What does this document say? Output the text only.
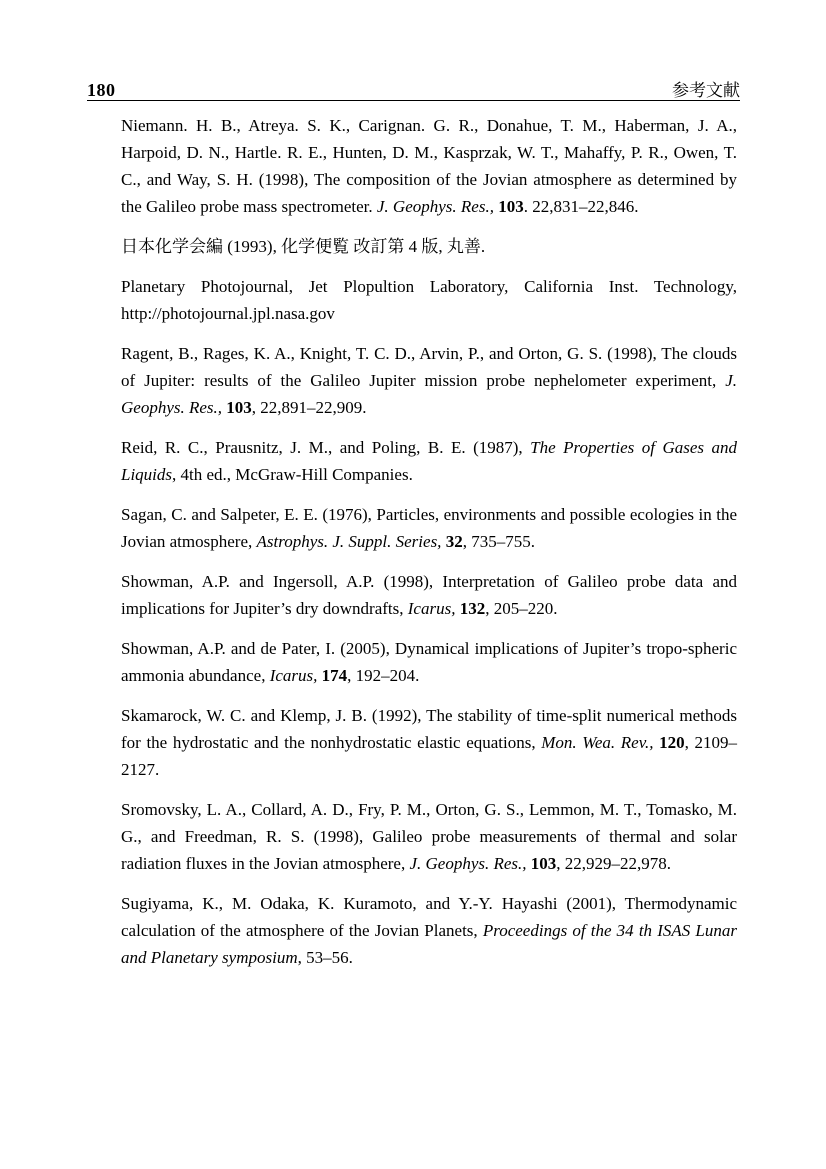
180	参考文献

Niemann. H. B., Atreya. S. K., Carignan. G. R., Donahue, T. M., Haberman, J. A., Harpoid, D. N., Hartle. R. E., Hunten, D. M., Kasprzak, W. T., Mahaffy, P. R., Owen, T. C., and Way, S. H. (1998), The composition of the Jovian atmosphere as determined by the Galileo probe mass spectrometer. J. Geophys. Res., 103. 22,831–22,846.

日本化学会編 (1993), 化学便覧 改訂第 4 版, 丸善.

Planetary Photojournal, Jet Plopultion Laboratory, California Inst. Technology, http://photojournal.jpl.nasa.gov

Ragent, B., Rages, K. A., Knight, T. C. D., Arvin, P., and Orton, G. S. (1998), The clouds of Jupiter: results of the Galileo Jupiter mission probe nephelometer experiment, J. Geophys. Res., 103, 22,891–22,909.

Reid, R. C., Prausnitz, J. M., and Poling, B. E. (1987), The Properties of Gases and Liquids, 4th ed., McGraw-Hill Companies.

Sagan, C. and Salpeter, E. E. (1976), Particles, environments and possible ecologies in the Jovian atmosphere, Astrophys. J. Suppl. Series, 32, 735–755.

Showman, A.P. and Ingersoll, A.P. (1998), Interpretation of Galileo probe data and implications for Jupiter’s dry downdrafts, Icarus, 132, 205–220.

Showman, A.P. and de Pater, I. (2005), Dynamical implications of Jupiter’s tropo-spheric ammonia abundance, Icarus, 174, 192–204.

Skamarock, W. C. and Klemp, J. B. (1992), The stability of time-split numerical methods for the hydrostatic and the nonhydrostatic elastic equations, Mon. Wea. Rev., 120, 2109–2127.

Sromovsky, L. A., Collard, A. D., Fry, P. M., Orton, G. S., Lemmon, M. T., Tomasko, M. G., and Freedman, R. S. (1998), Galileo probe measurements of thermal and solar radiation fluxes in the Jovian atmosphere, J. Geophys. Res., 103, 22,929–22,978.

Sugiyama, K., M. Odaka, K. Kuramoto, and Y.-Y. Hayashi (2001), Thermodynamic calculation of the atmosphere of the Jovian Planets, Proceedings of the 34 th ISAS Lunar and Planetary symposium, 53–56.
